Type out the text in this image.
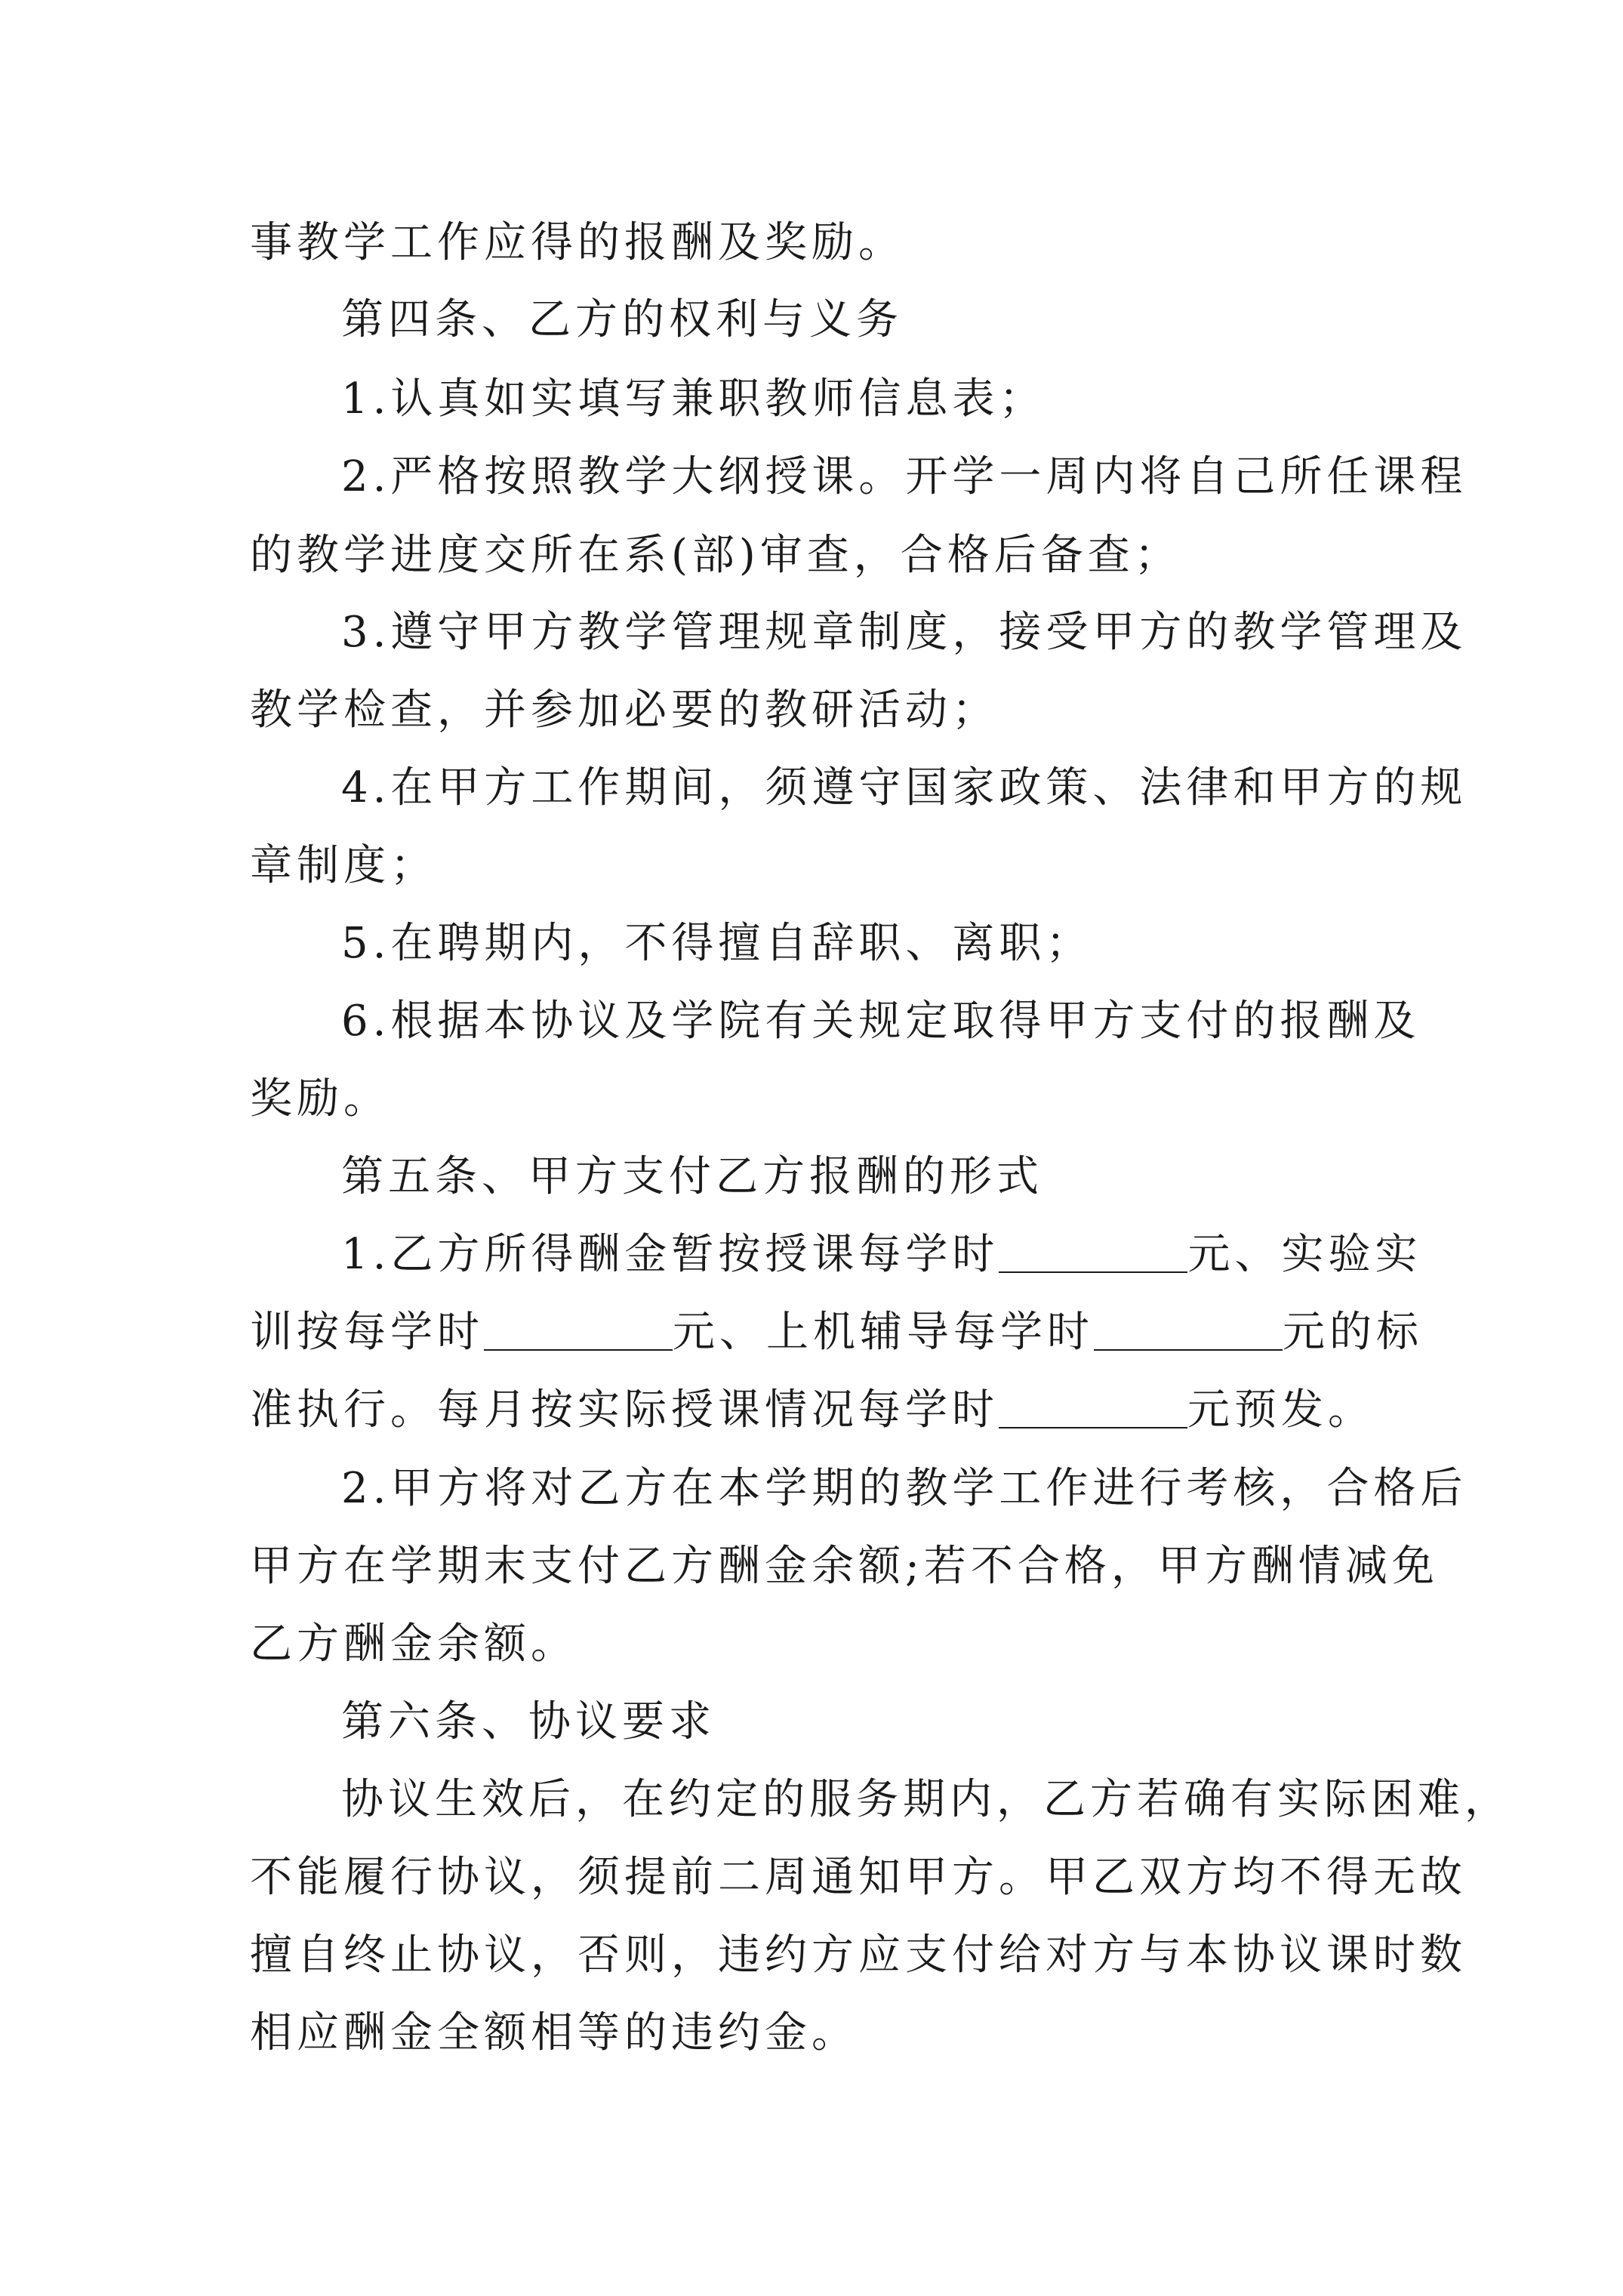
事教学工作应得的报酬及奖励。
第四条、乙方的权利与义务
1.认真如实填写兼职教师信息表；
2.严格按照教学大纲授课。开学一周内将自己所任课程
的教学进度交所在系(部)审查，合格后备查；
3.遵守甲方教学管理规章制度，接受甲方的教学管理及
教学检查，并参加必要的教研活动；
4.在甲方工作期间，须遵守国家政策、法律和甲方的规
章制度；
5.在聘期内，不得擅自辞职、离职；
6.根据本协议及学院有关规定取得甲方支付的报酬及
奖励。
第五条、甲方支付乙方报酬的形式
1.乙方所得酬金暂按授课每学时	元、实验实
训按每学时	元、上机辅导每学时	元的标
准执行。每月按实际授课情况每学时	元预发。
2.甲方将对乙方在本学期的教学工作进行考核，合格后
甲方在学期末支付乙方酬金余额;若不合格，甲方酬情减免
乙方酬金余额。
第六条、协议要求
协议生效后，在约定的服务期内，乙方若确有实际困难，
不能履行协议，须提前二周通知甲方。甲乙双方均不得无故
擅自终止协议，否则，违约方应支付给对方与本协议课时数
相应酬金全额相等的违约金。
